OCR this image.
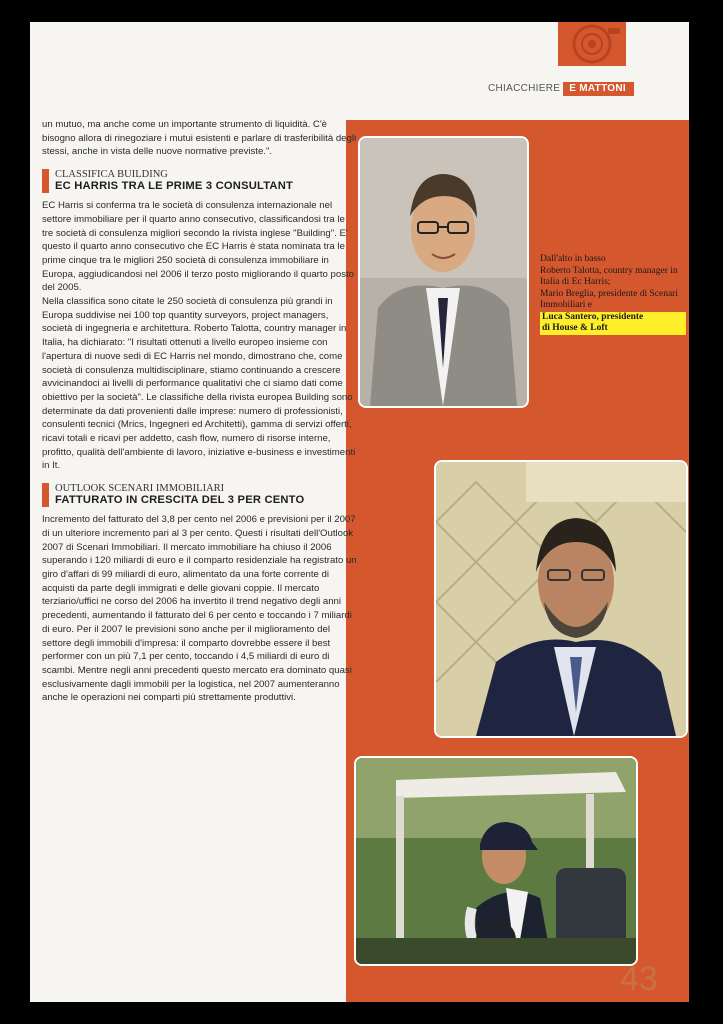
CHIACCHIERE E MATTONI
Dall'alto in basso
Roberto Talotta, country manager in Italia di Ec Harris;
Mario Breglia, presidente di Scenari Immobiliari e
Luca Santero, presidente
di House & Loft

un mutuo, ma anche come un importante strumento di liquidità. C'è bisogno allora di rinegoziare i mutui esistenti e parlare di trasferibilità degli stessi, anche in vista delle nuove normative previste.".

CLASSIFICA BUILDING
EC HARRIS TRA LE PRIME 3 CONSULTANT

EC Harris si conferma tra le società di consulenza internazionale nel settore immobiliare per il quarto anno consecutivo, classificandosi tra le tre società di consulenza migliori secondo la rivista inglese "Building". E' questo il quarto anno consecutivo che EC Harris è stata nominata tra le prime cinque tra le migliori 250 società di consulenza immobiliare in Europa, aggiudicandosi nel 2006 il terzo posto migliorando il quarto posto del 2005.

Nella classifica sono citate le 250 società di consulenza più grandi in Europa suddivise nei 100 top quantity surveyors, project managers, società di ingegneria e architettura. Roberto Talotta, country manager in Italia, ha dichiarato: "I risultati ottenuti a livello europeo insieme con l'apertura di nuove sedi di EC Harris nel mondo, dimostrano che, come società di consulenza multidisciplinare, stiamo continuando a crescere avvicinandoci ai livelli di performance qualitativi che ci siamo dati come obiettivo per la società". Le classifiche della rivista europea Building sono determinate da dati provenienti dalle imprese: numero di professionisti, consulenti tecnici (Mrics, Ingegneri ed Architetti), gamma di servizi offerti, ricavi totali e ricavi per addetto, cash flow, numero di risorse interne, profitto, qualità dell'ambiente di lavoro, iniziative e-business e investimenti in It.

OUTLOOK SCENARI IMMOBILIARI
FATTURATO IN CRESCITA DEL 3 PER CENTO

Incremento del fatturato del 3,8 per cento nel 2006 e previsioni per il 2007 di un ulteriore incremento pari al 3 per cento. Questi i risultati dell'Outlook 2007 di Scenari Immobiliari. Il mercato immobiliare ha chiuso il 2006 superando i 120 miliardi di euro e il comparto residenziale ha registrato un giro d'affari di 99 miliardi di euro, alimentato da una forte corrente di acquisti da parte degli immigrati e delle giovani coppie. Il mercato terziario/uffici ne corso del 2006 ha invertito il trend negativo degli anni precedenti, aumentando il fatturato del 6 per cento e toccando i 7 miliardi di euro. Per il 2007 le previsioni sono anche per il miglioramento del settore degli immobili d'impresa: il comparto dovrebbe essere il best performer con un più 7,1 per cento, toccando i 4,5 miliardi di euro di scambi. Mentre negli anni precedenti questo mercato era dominato quasi esclusivamente dagli immobili per la logistica, nel 2007 aumenteranno anche le operazioni nei comparti più strettamente produttivi.

43
